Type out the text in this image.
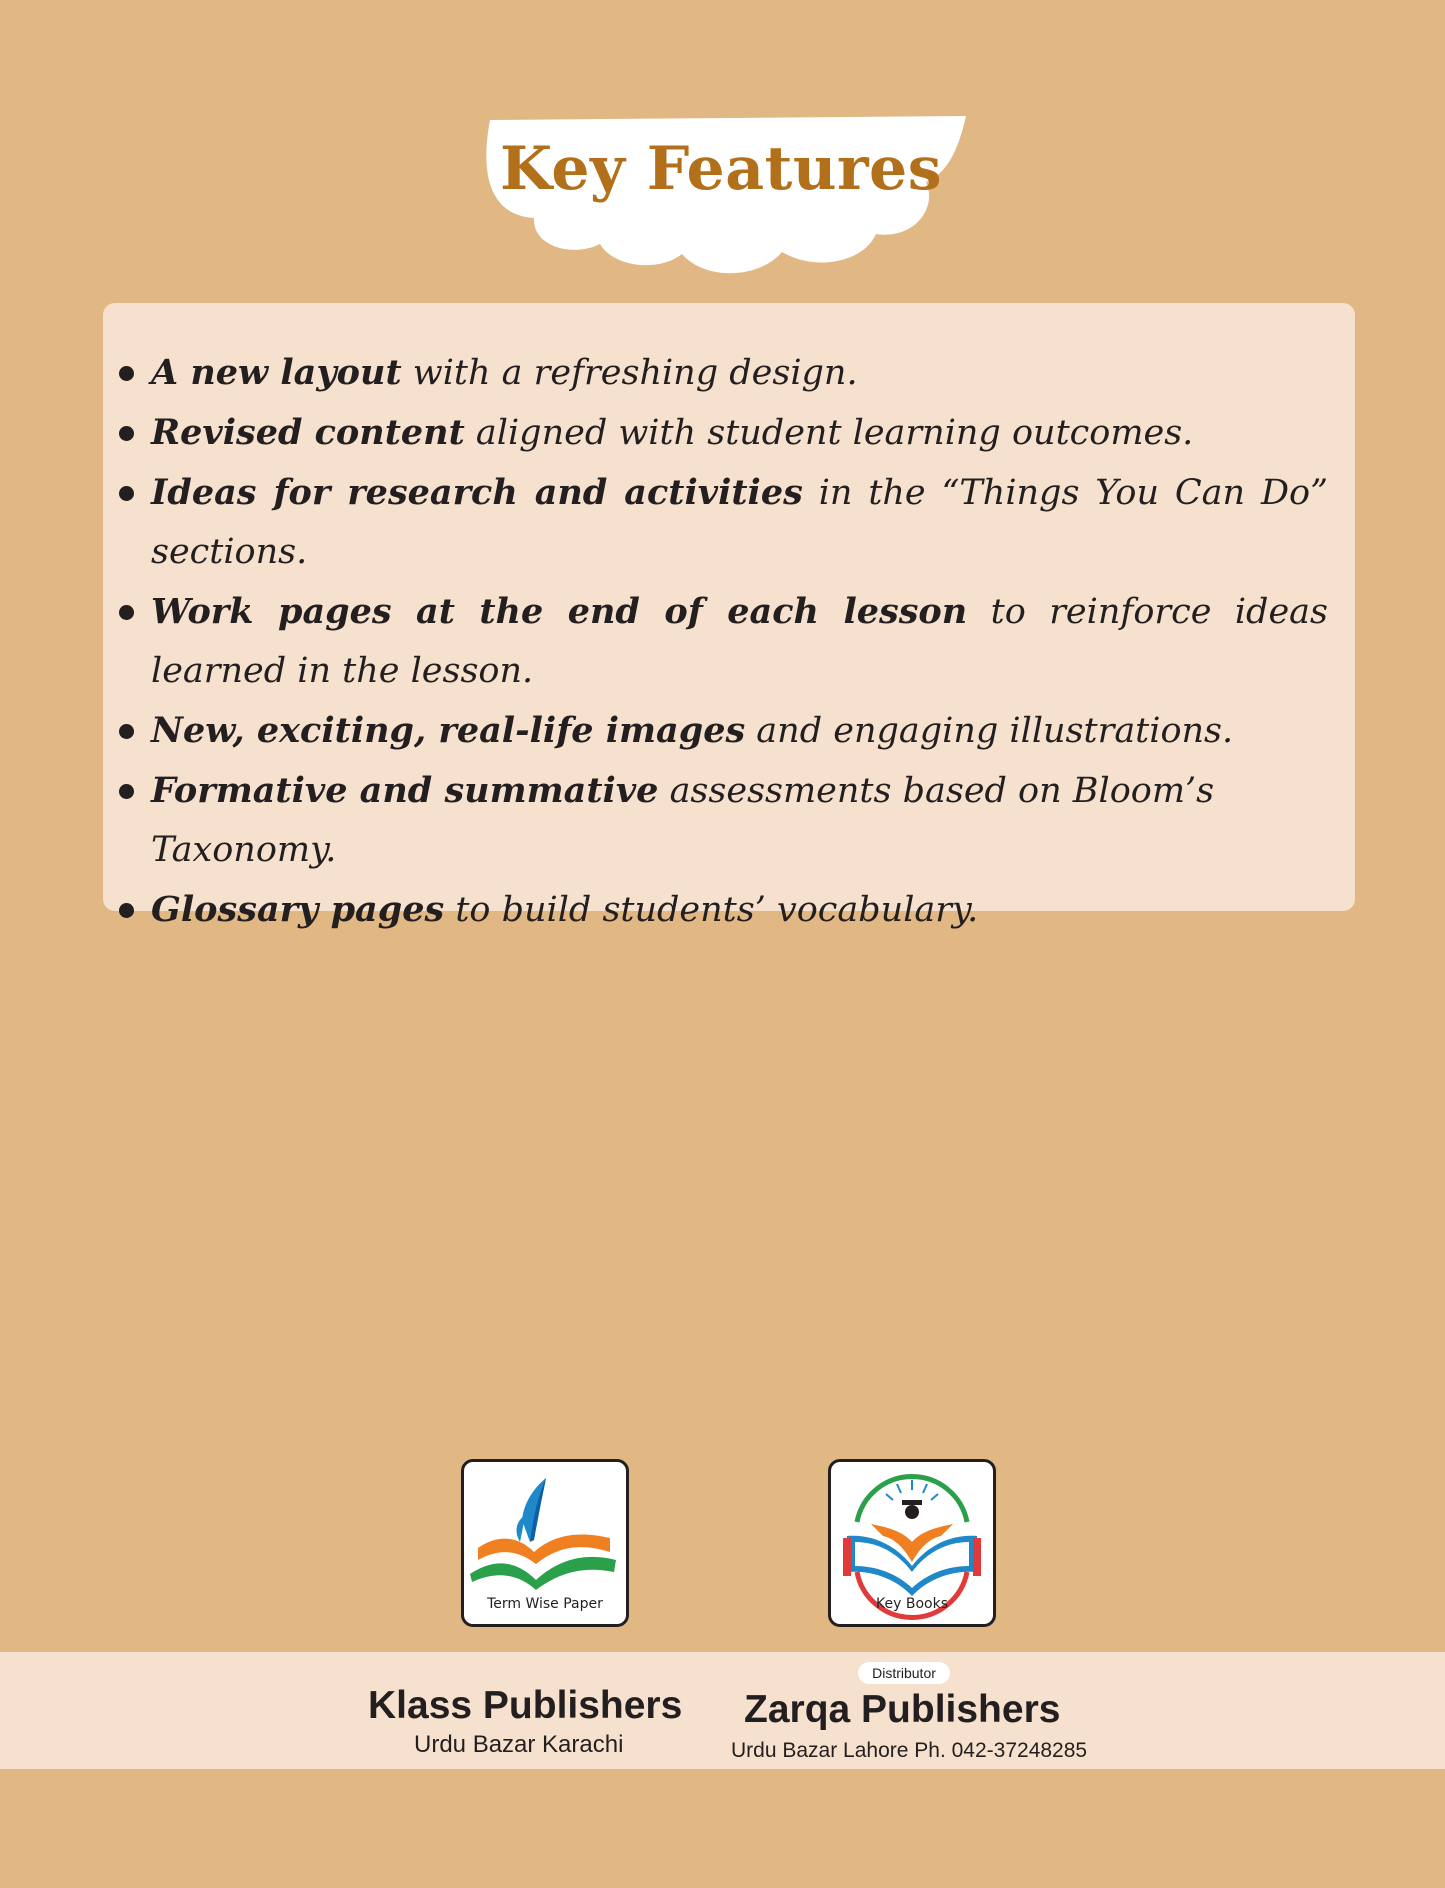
Key Features
A new layout with a refreshing design.
Revised content aligned with student learning outcomes.
Ideas for research and activities in the “Things You Can Do” sections.
Work pages at the end of each lesson to reinforce ideas learned in the lesson.
New, exciting, real-life images and engaging illustrations.
Formative and summative assessments based on Bloom’s Taxonomy.
Glossary pages to build students’ vocabulary.
Term Wise Paper	Key Books
Klass Publishers
Urdu Bazar Karachi
Distributor
Zarqa Publishers
Urdu Bazar Lahore Ph. 042-37248285
